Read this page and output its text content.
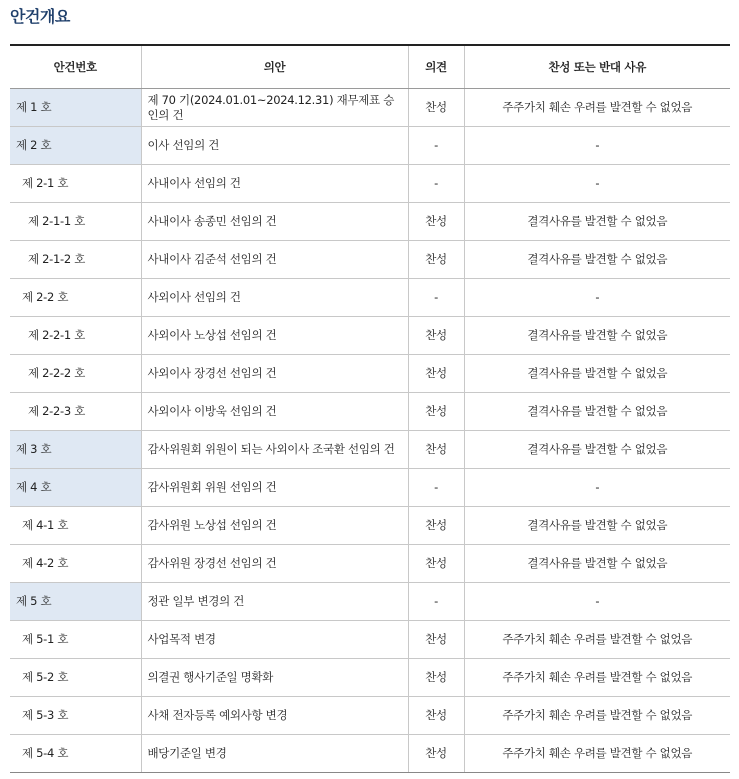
안건개요
안건번호	의안	의견	찬성 또는 반대 사유
제 1 호	제 70 기(2024.01.01~2024.12.31) 재무제표 승인의 건	찬성	주주가치 훼손 우려를 발견할 수 없었음
제 2 호	이사 선임의 건	-	-
제 2-1 호	사내이사 선임의 건	-	-
제 2-1-1 호	사내이사 송종민 선임의 건	찬성	결격사유를 발견할 수 없었음
제 2-1-2 호	사내이사 김준석 선임의 건	찬성	결격사유를 발견할 수 없었음
제 2-2 호	사외이사 선임의 건	-	-
제 2-2-1 호	사외이사 노상섭 선임의 건	찬성	결격사유를 발견할 수 없었음
제 2-2-2 호	사외이사 장경선 선임의 건	찬성	결격사유를 발견할 수 없었음
제 2-2-3 호	사외이사 이방욱 선임의 건	찬성	결격사유를 발견할 수 없었음
제 3 호	감사위원회 위원이 되는 사외이사 조국환 선임의 건	찬성	결격사유를 발견할 수 없었음
제 4 호	감사위원회 위원 선임의 건	-	-
제 4-1 호	감사위원 노상섭 선임의 건	찬성	결격사유를 발견할 수 없었음
제 4-2 호	감사위원 장경선 선임의 건	찬성	결격사유를 발견할 수 없었음
제 5 호	정관 일부 변경의 건	-	-
제 5-1 호	사업목적 변경	찬성	주주가치 훼손 우려를 발견할 수 없었음
제 5-2 호	의결권 행사기준일 명확화	찬성	주주가치 훼손 우려를 발견할 수 없었음
제 5-3 호	사채 전자등록 예외사항 변경	찬성	주주가치 훼손 우려를 발견할 수 없었음
제 5-4 호	배당기준일 변경	찬성	주주가치 훼손 우려를 발견할 수 없었음
